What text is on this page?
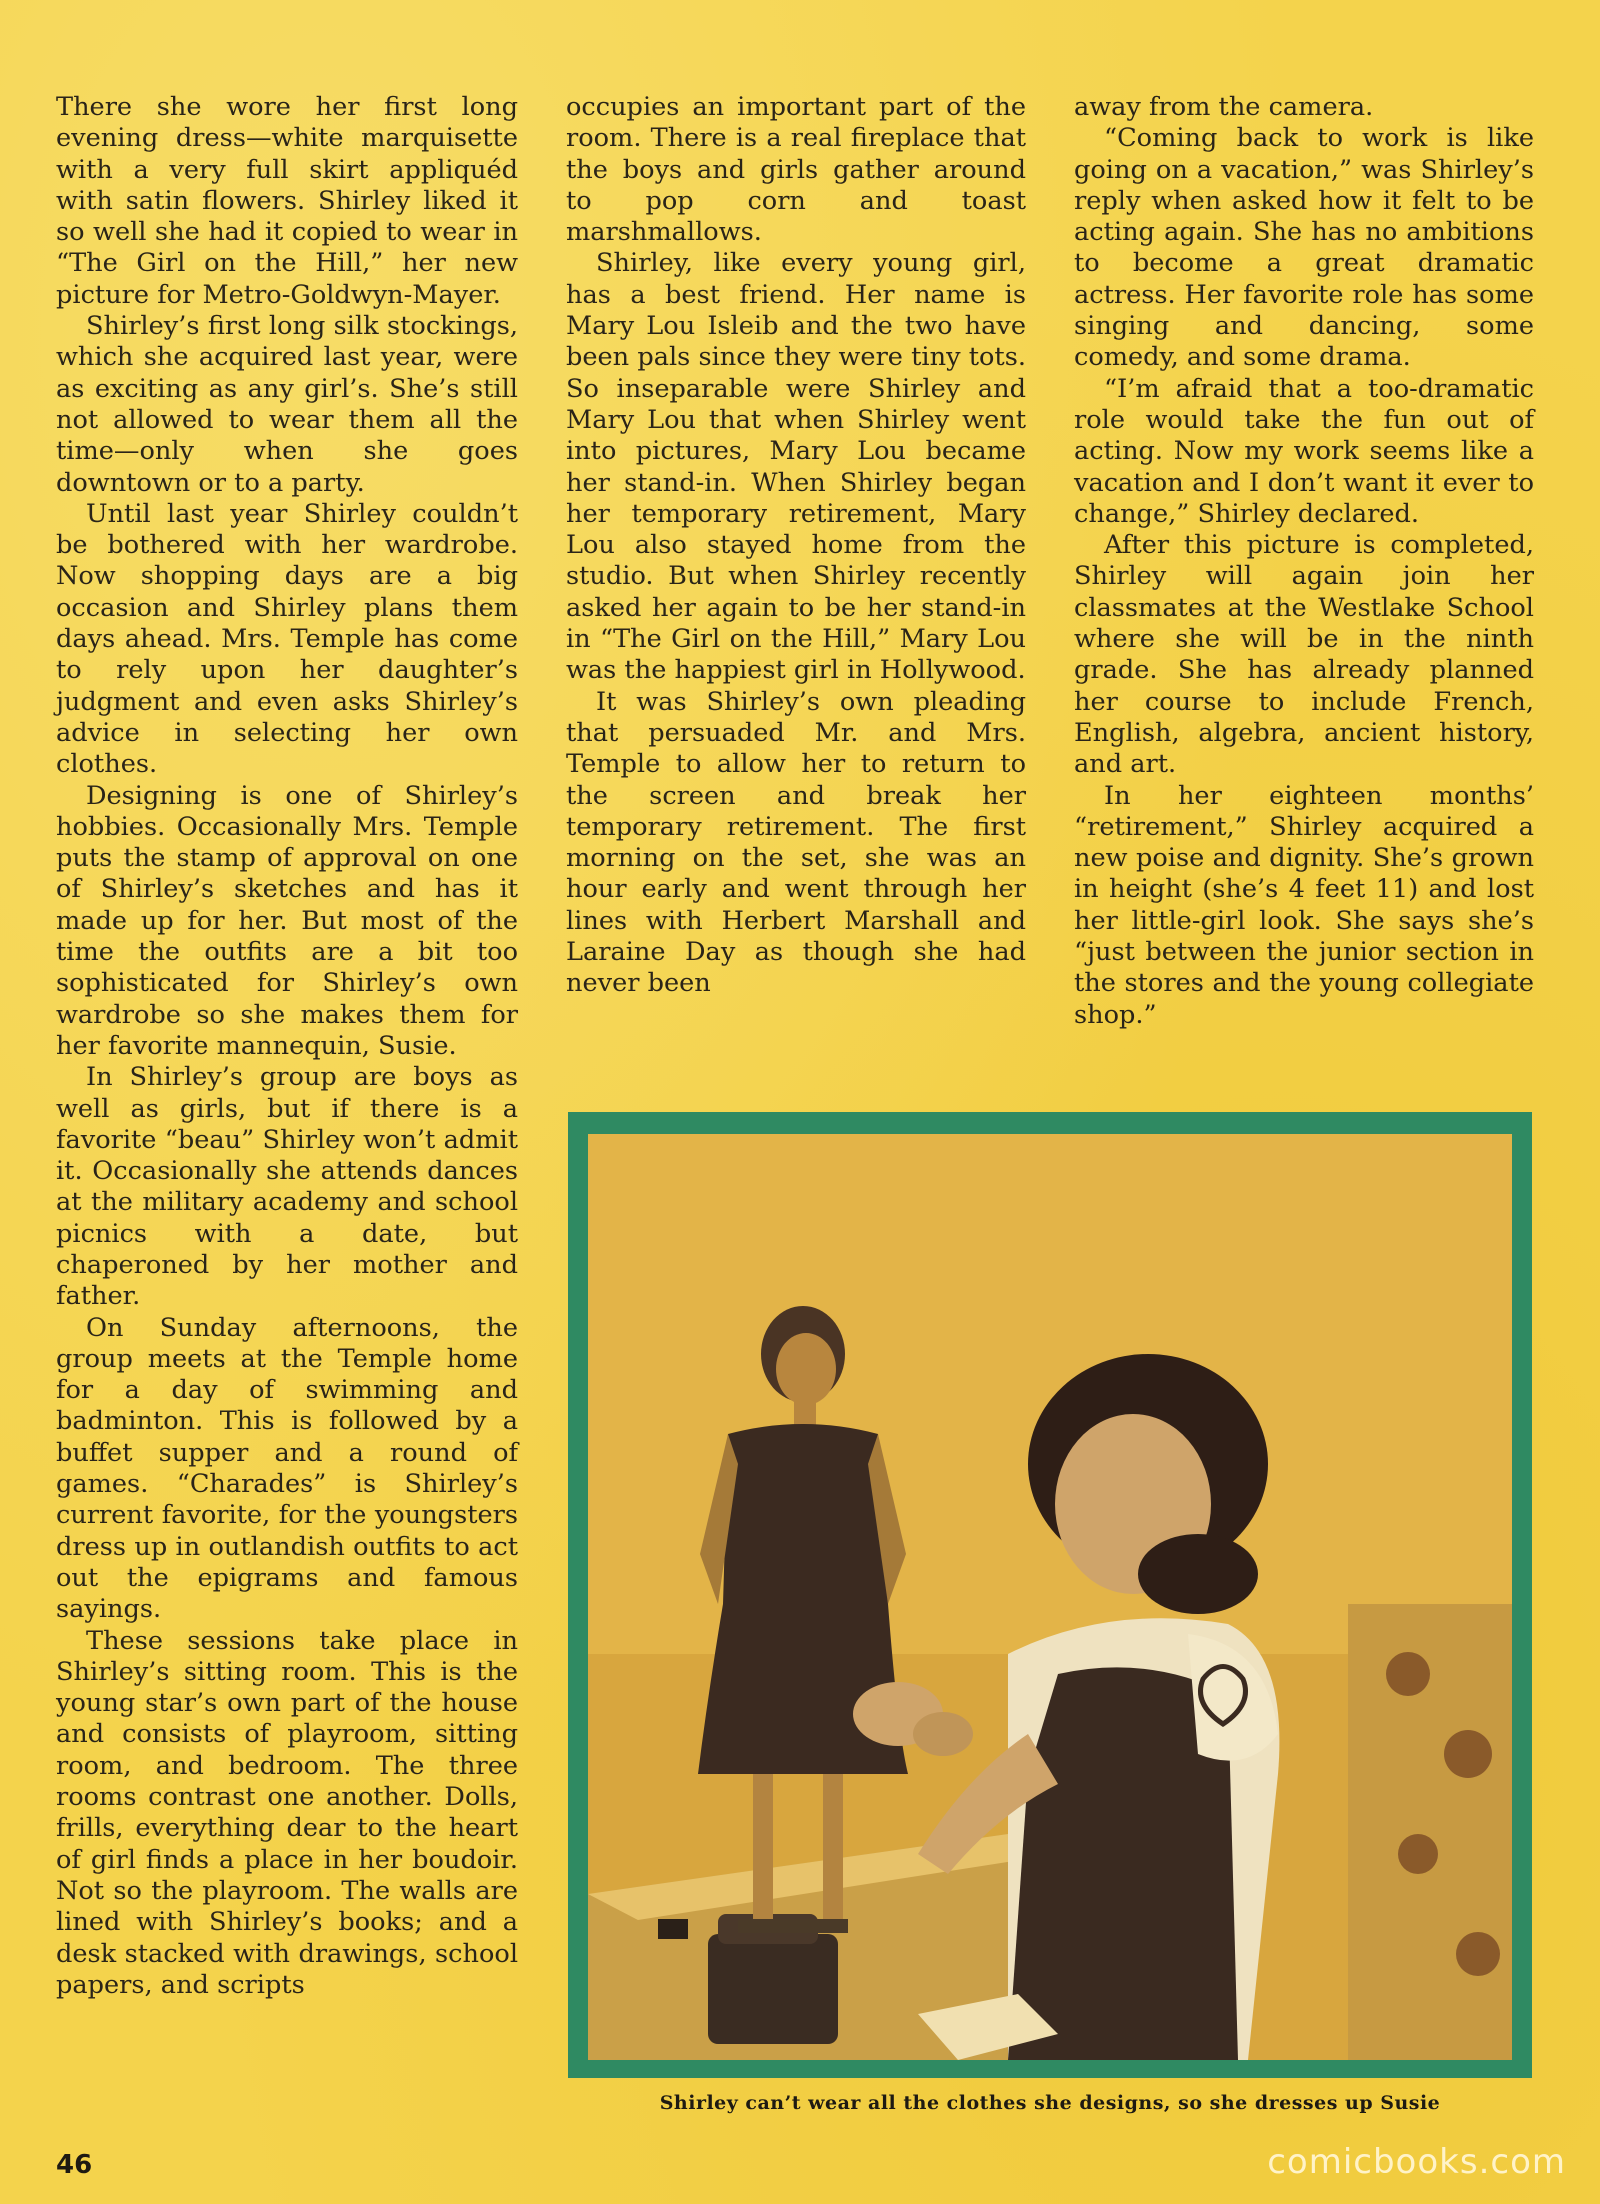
There she wore her first long evening dress—white marquisette with a very full skirt appliquéd with satin flowers. Shirley liked it so well she had it copied to wear in “The Girl on the Hill,” her new picture for Metro-Goldwyn-Mayer.

Shirley’s first long silk stockings, which she acquired last year, were as exciting as any girl’s. She’s still not allowed to wear them all the time—only when she goes downtown or to a party.

Until last year Shirley couldn’t be bothered with her wardrobe. Now shopping days are a big occasion and Shirley plans them days ahead. Mrs. Temple has come to rely upon her daughter’s judgment and even asks Shirley’s advice in selecting her own clothes.

Designing is one of Shirley’s hobbies. Occasionally Mrs. Temple puts the stamp of approval on one of Shirley’s sketches and has it made up for her. But most of the time the outfits are a bit too sophisticated for Shirley’s own wardrobe so she makes them for her favorite mannequin, Susie.

In Shirley’s group are boys as well as girls, but if there is a favorite “beau” Shirley won’t admit it. Occasionally she attends dances at the military academy and school picnics with a date, but chaperoned by her mother and father.

On Sunday afternoons, the group meets at the Temple home for a day of swimming and badminton. This is followed by a buffet supper and a round of games. “Charades” is Shirley’s current favorite, for the youngsters dress up in outlandish outfits to act out the epigrams and famous sayings.

These sessions take place in Shirley’s sitting room. This is the young star’s own part of the house and consists of playroom, sitting room, and bedroom. The three rooms contrast one another. Dolls, frills, everything dear to the heart of girl finds a place in her boudoir. Not so the playroom. The walls are lined with Shirley’s books; and a desk stacked with drawings, school papers, and scripts

occupies an important part of the room. There is a real fireplace that the boys and girls gather around to pop corn and toast marshmallows.

Shirley, like every young girl, has a best friend. Her name is Mary Lou Isleib and the two have been pals since they were tiny tots. So inseparable were Shirley and Mary Lou that when Shirley went into pictures, Mary Lou became her stand-in. When Shirley began her temporary retirement, Mary Lou also stayed home from the studio. But when Shirley recently asked her again to be her stand-in in “The Girl on the Hill,” Mary Lou was the happiest girl in Hollywood.

It was Shirley’s own pleading that persuaded Mr. and Mrs. Temple to allow her to return to the screen and break her temporary retirement. The first morning on the set, she was an hour early and went through her lines with Herbert Marshall and Laraine Day as though she had never been

away from the camera.

“Coming back to work is like going on a vacation,” was Shirley’s reply when asked how it felt to be acting again. She has no ambitions to become a great dramatic actress. Her favorite role has some singing and dancing, some comedy, and some drama.

“I’m afraid that a too-dramatic role would take the fun out of acting. Now my work seems like a vacation and I don’t want it ever to change,” Shirley declared.

After this picture is completed, Shirley will again join her classmates at the Westlake School where she will be in the ninth grade. She has already planned her course to include French, English, algebra, ancient history, and art.

In her eighteen months’ “retirement,” Shirley acquired a new poise and dignity. She’s grown in height (she’s 4 feet 11) and lost her little-girl look. She says she’s “just between the junior section in the stores and the young collegiate shop.”

Shirley can’t wear all the clothes she designs, so she dresses up Susie
46	comicbooks.com
